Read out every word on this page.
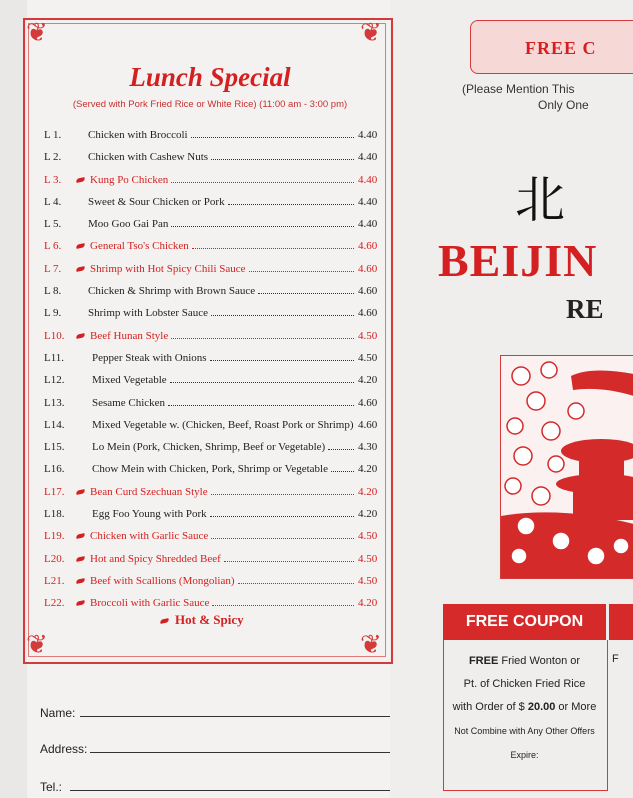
❦	❦
❦	❦
Lunch Special
(Served with Pork Fried Rice or White Rice) (11:00 am - 3:00 pm)
L 1.	Chicken with Broccoli	4.40
L 2.	Chicken with Cashew Nuts	4.40
L 3.	Kung Po Chicken	4.40
L 4.	Sweet & Sour Chicken or Pork	4.40
L 5.	Moo Goo Gai Pan	4.40
L 6.	General Tso's Chicken	4.60
L 7.	Shrimp with Hot Spicy Chili Sauce	4.60
L 8.	Chicken & Shrimp with Brown Sauce	4.60
L 9.	Shrimp with Lobster Sauce	4.60
L10.	Beef Hunan Style	4.50
L11.	Pepper Steak with Onions	4.50
L12.	Mixed Vegetable	4.20
L13.	Sesame Chicken	4.60
L14.	Mixed Vegetable w. (Chicken, Beef, Roast Pork or Shrimp) 4.60
L15.	Lo Mein (Pork, Chicken, Shrimp, Beef or Vegetable)	4.30
L16.	Chow Mein with Chicken, Pork, Shrimp or Vegetable	4.20
L17.	Bean Curd Szechuan Style	4.20
L18.	Egg Foo Young with Pork	4.20
L19.	Chicken with Garlic Sauce	4.50
L20.	Hot and Spicy Shredded Beef	4.50
L21.	Beef with Scallions (Mongolian)	4.50
L22.	Broccoli with Garlic Sauce	4.20
Hot & Spicy
Name:
Address:
Tel.:
FREE C
(Please Mention This
Only One
北
BEIJIN
RE
FREE COUPON
FREE Fried Wonton or
Pt. of Chicken Fried Rice
with Order of $ 20.00 or More
Not Combine with Any Other Offers
Expire:
F
